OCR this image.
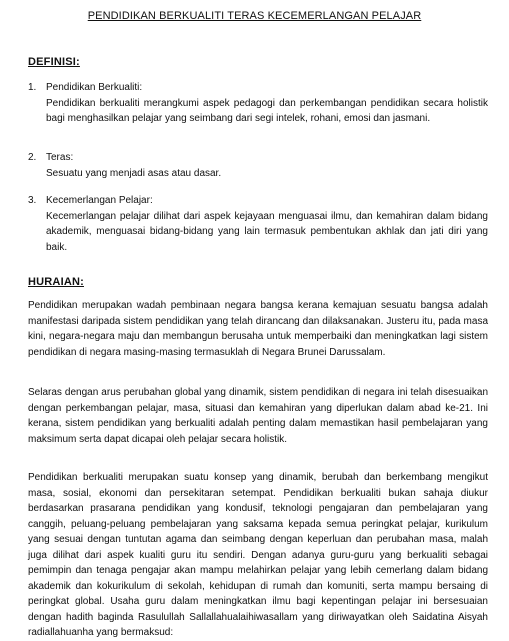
PENDIDIKAN BERKUALITI TERAS KECEMERLANGAN PELAJAR
DEFINISI:
1. Pendidikan Berkualiti:
Pendidikan berkualiti merangkumi aspek pedagogi dan perkembangan pendidikan secara holistik bagi menghasilkan pelajar yang seimbang dari segi intelek, rohani, emosi dan jasmani.
2. Teras:
Sesuatu yang menjadi asas atau dasar.
3. Kecemerlangan Pelajar:
Kecemerlangan pelajar dilihat dari aspek kejayaan menguasai ilmu, dan kemahiran dalam bidang akademik, menguasai bidang-bidang yang lain termasuk pembentukan akhlak dan jati diri yang baik.
HURAIAN:

Pendidikan merupakan wadah pembinaan negara bangsa kerana kemajuan sesuatu bangsa adalah manifestasi daripada sistem pendidikan yang telah dirancang dan dilaksanakan. Justeru itu, pada masa kini, negara-negara maju dan membangun berusaha untuk memperbaiki dan meningkatkan lagi sistem pendidikan di negara masing-masing termasuklah di Negara Brunei Darussalam.

Selaras dengan arus perubahan global yang dinamik, sistem pendidikan di negara ini telah disesuaikan dengan perkembangan pelajar, masa, situasi dan kemahiran yang diperlukan dalam abad ke-21. Ini kerana, sistem pendidikan yang berkualiti adalah penting dalam memastikan hasil pembelajaran yang maksimum serta dapat dicapai oleh pelajar secara holistik.

Pendidikan berkualiti merupakan suatu konsep yang dinamik, berubah dan berkembang mengikut masa, sosial, ekonomi dan persekitaran setempat. Pendidikan berkualiti bukan sahaja diukur berdasarkan prasarana pendidikan yang kondusif, teknologi pengajaran dan pembelajaran yang canggih, peluang-peluang pembelajaran yang saksama kepada semua peringkat pelajar, kurikulum yang sesuai dengan tuntutan agama dan seimbang dengan keperluan dan perubahan masa, malah juga dilihat dari aspek kualiti guru itu sendiri. Dengan adanya guru-guru yang berkualiti sebagai pemimpin dan tenaga pengajar akan mampu melahirkan pelajar yang lebih cemerlang dalam bidang akademik dan kokurikulum di sekolah, kehidupan di rumah dan komuniti, serta mampu bersaing di peringkat global. Usaha guru dalam meningkatkan ilmu bagi kepentingan pelajar ini bersesuaian dengan hadith baginda Rasulullah Sallallahualaihiwasallam yang diriwayatkan oleh Saidatina Aisyah radiallahuanha yang bermaksud:
